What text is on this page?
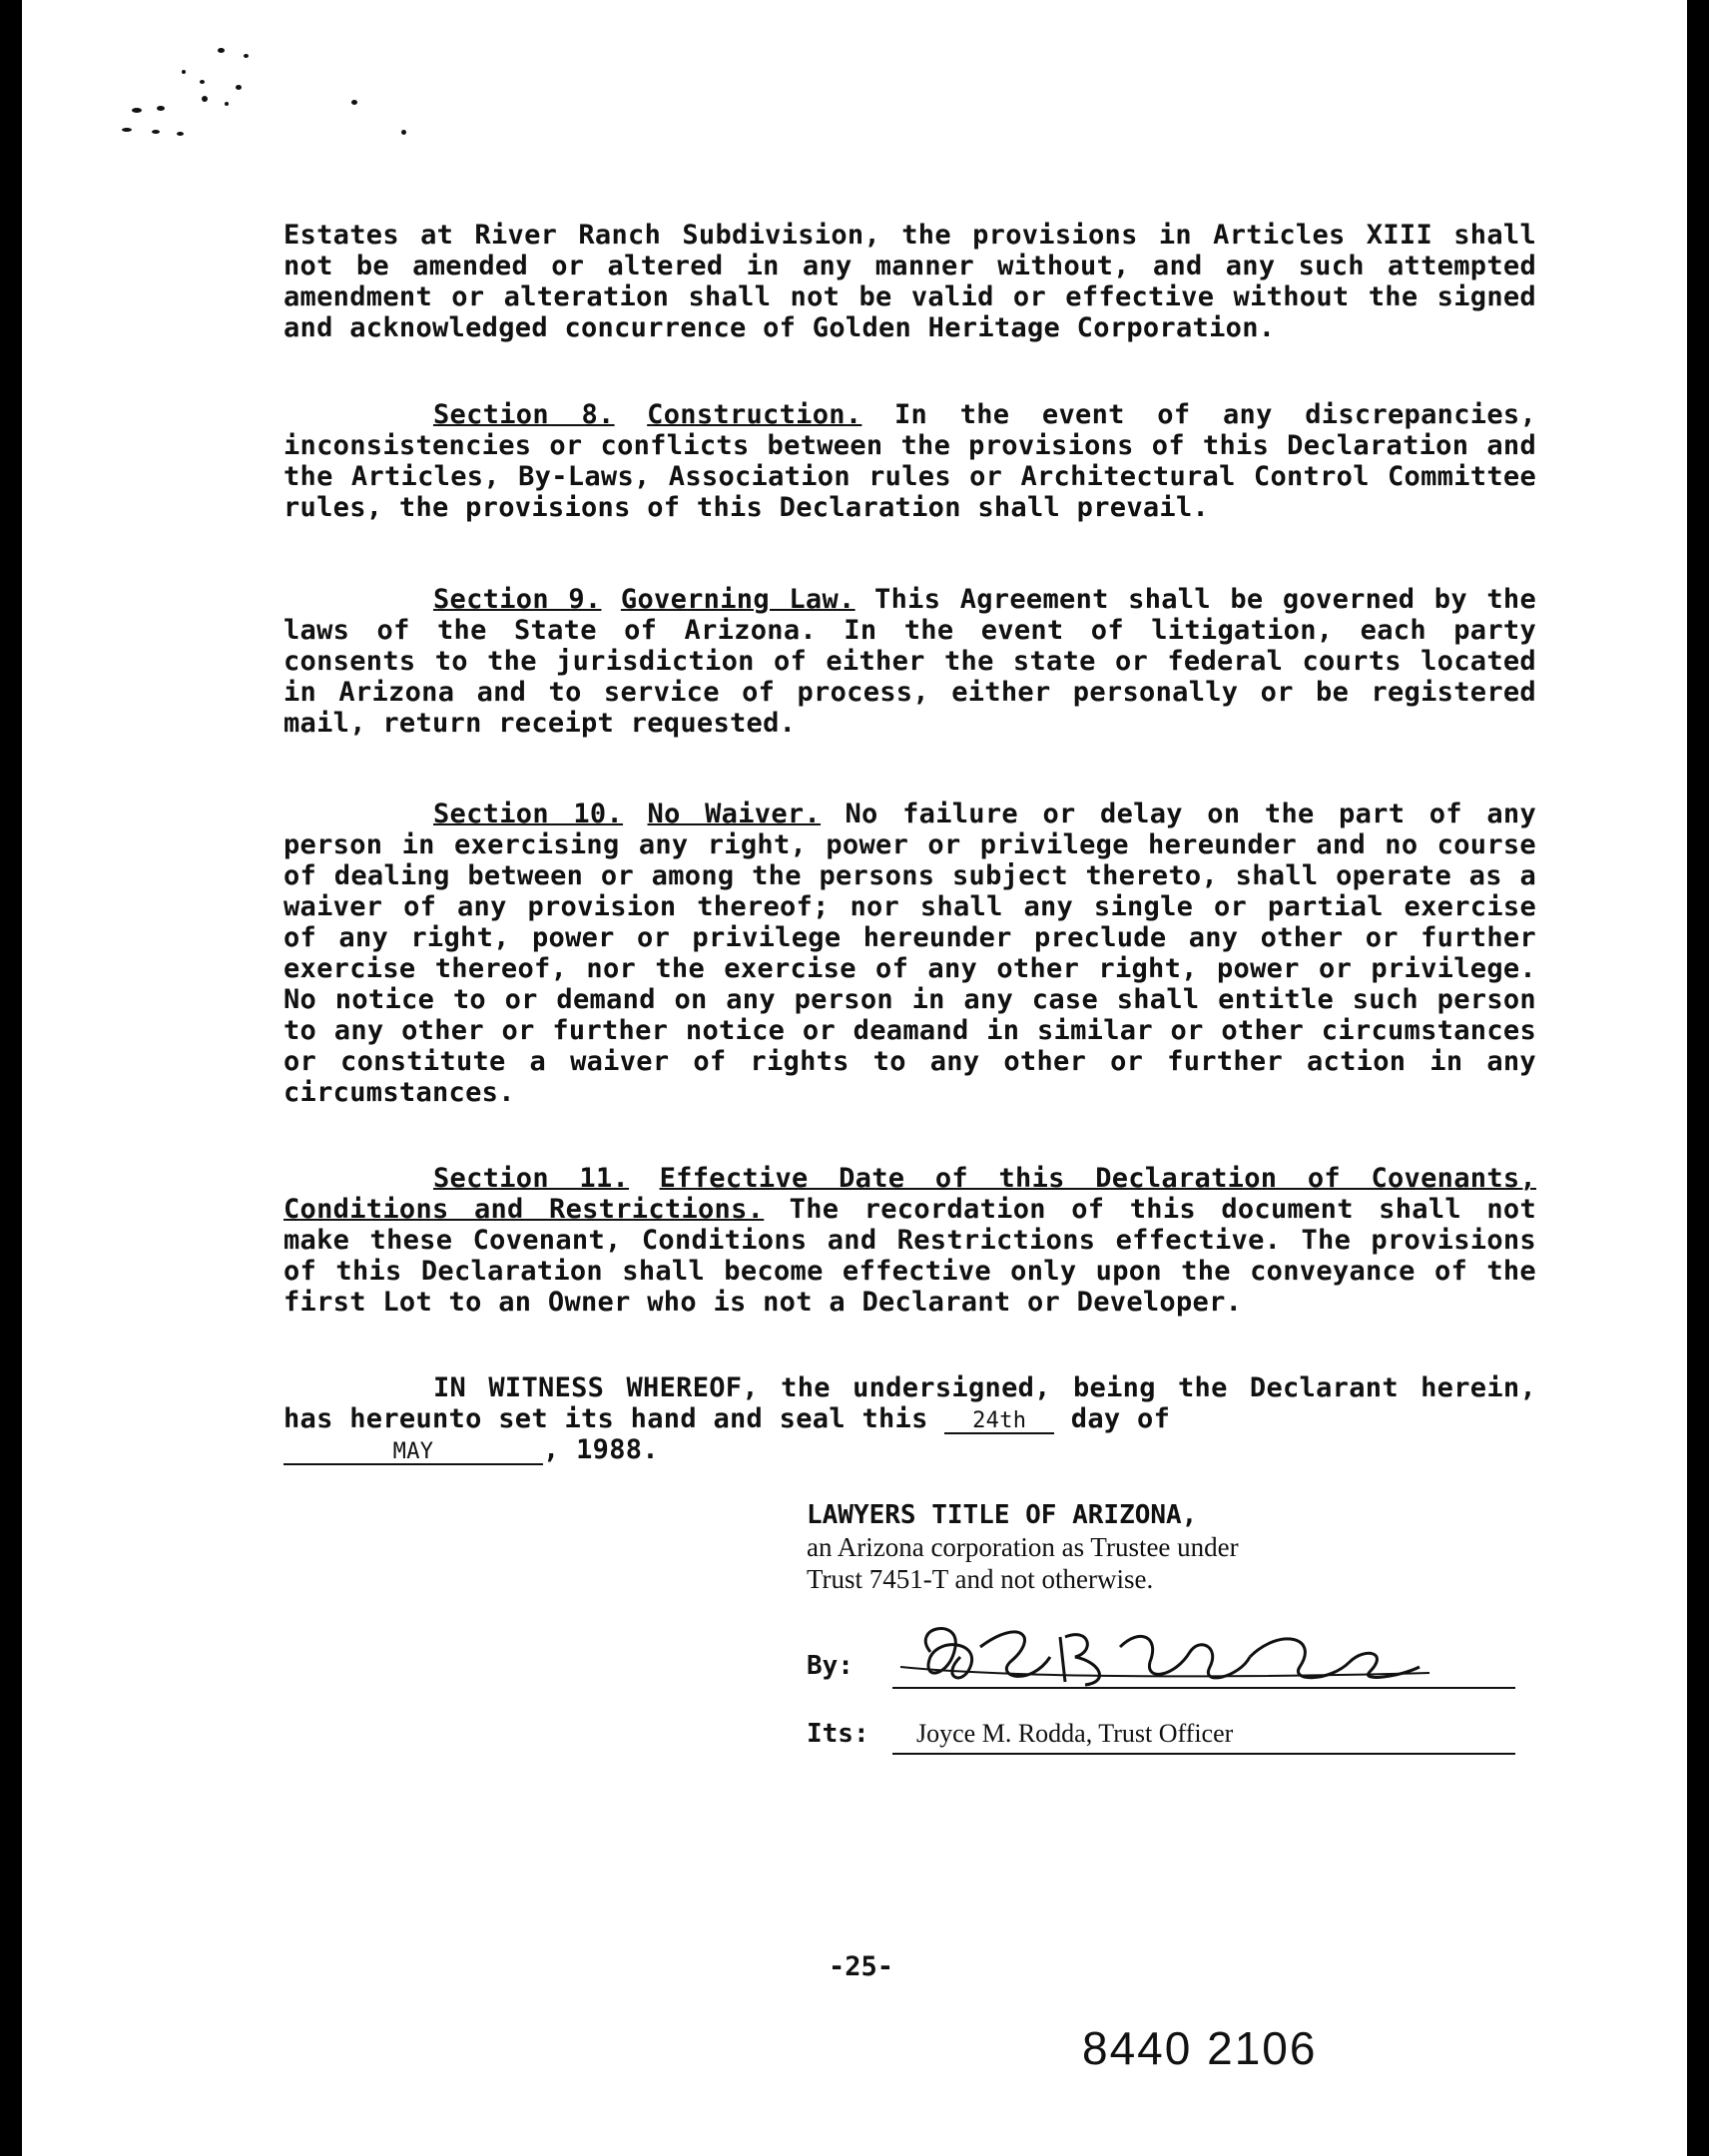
Estates at River Ranch Subdivision, the provisions in Articles XIII shall not be amended or altered in any manner without, and any such attempted amendment or alteration shall not be valid or effective without the signed and acknowledged concurrence of Golden Heritage Corporation.

Section 8. Construction. In the event of any discrepancies, inconsistencies or conflicts between the provisions of this Declaration and the Articles, By-Laws, Association rules or Architectural Control Committee rules, the provisions of this Declaration shall prevail.

Section 9. Governing Law. This Agreement shall be governed by the laws of the State of Arizona. In the event of litigation, each party consents to the jurisdiction of either the state or federal courts located in Arizona and to service of process, either personally or be registered mail, return receipt requested.

Section 10. No Waiver. No failure or delay on the part of any person in exercising any right, power or privilege hereunder and no course of dealing between or among the persons subject thereto, shall operate as a waiver of any provision thereof; nor shall any single or partial exercise of any right, power or privilege hereunder preclude any other or further exercise thereof, nor the exercise of any other right, power or privilege. No notice to or demand on any person in any case shall entitle such person to any other or further notice or deamand in similar or other circumstances or constitute a waiver of rights to any other or further action in any circumstances.

Section 11. Effective Date of this Declaration of Covenants, Conditions and Restrictions. The recordation of this document shall not make these Covenant, Conditions and Restrictions effective. The provisions of this Declaration shall become effective only upon the conveyance of the first Lot to an Owner who is not a Declarant or Developer.

IN WITNESS WHEREOF, the undersigned, being the Declarant herein, has hereunto set its hand and seal this 24th day of
MAY	, 1988.

LAWYERS TITLE OF ARIZONA,
an Arizona corporation as Trustee under
Trust 7451-T and not otherwise.
By:
Its: Joyce M. Rodda, Trust Officer
-25-
8440 2106
